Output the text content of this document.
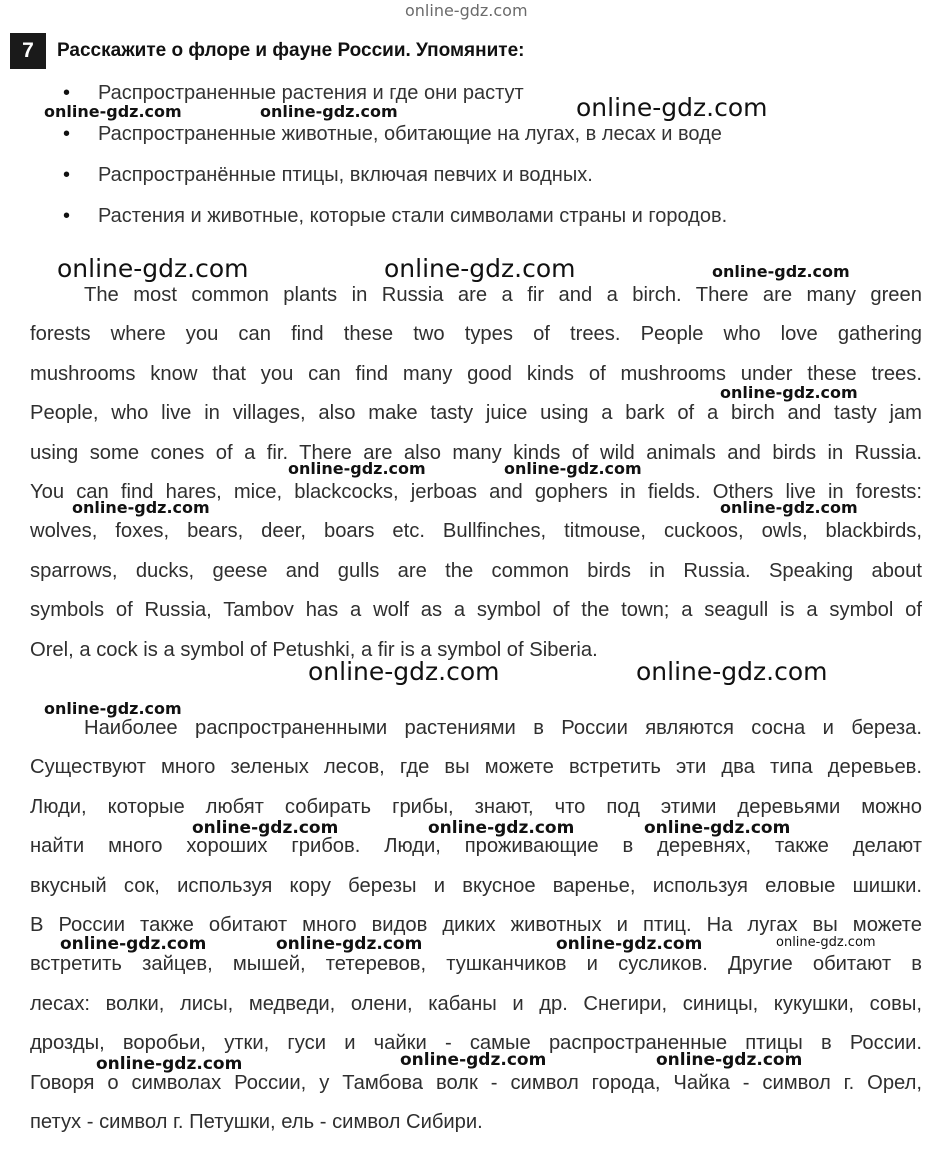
online-gdz.com
7	Расскажите о флоре и фауне России. Упомяните:
• Распространенные растения и где они растут
• Распространенные животные, обитающие на лугах, в лесах и воде
• Распространённые птицы, включая певчих и водных.
• Растения и животные, которые стали символами страны и городов.
The most common plants in Russia are a fir and a birch. There are many green
forests where you can find these two types of trees. People who love gathering
mushrooms know that you can find many good kinds of mushrooms under these trees.
People, who live in villages, also make tasty juice using a bark of a birch and tasty jam
using some cones of a fir. There are also many kinds of wild animals and birds in Russia.
You can find hares, mice, blackcocks, jerboas and gophers in fields. Others live in forests:
wolves, foxes, bears, deer, boars etc. Bullfinches, titmouse, cuckoos, owls, blackbirds,
sparrows, ducks, geese and gulls are the common birds in Russia. Speaking about
symbols of Russia, Tambov has a wolf as a symbol of the town; a seagull is a symbol of
Orel, a cock is a symbol of Petushki, a fir is a symbol of Siberia.
Наиболее распространенными растениями в России являются сосна и береза.
Существуют много зеленых лесов, где вы можете встретить эти два типа деревьев.
Люди, которые любят собирать грибы, знают, что под этими деревьями можно
найти много хороших грибов. Люди, проживающие в деревнях, также делают
вкусный сок, используя кору березы и вкусное варенье, используя еловые шишки.
В России также обитают много видов диких животных и птиц. На лугах вы можете
встретить зайцев, мышей, тетеревов, тушканчиков и сусликов. Другие обитают в
лесах: волки, лисы, медведи, олени, кабаны и др. Снегири, синицы, кукушки, совы,
дрозды, воробьи, утки, гуси и чайки - самые распространенные птицы в России.
Говоря о символах России, у Тамбова волк - символ города, Чайка - символ г. Орел,
петух - символ г. Петушки, ель - символ Сибири.
online-gdz.com	online-gdz.com	online-gdz.com
online-gdz.com	online-gdz.com	online-gdz.com
online-gdz.com
online-gdz.com	online-gdz.com
online-gdz.com	online-gdz.com
online-gdz.com	online-gdz.com
online-gdz.com
online-gdz.com	online-gdz.com	online-gdz.com
online-gdz.com	online-gdz.com	online-gdz.com	online-gdz.com
online-gdz.com	online-gdz.com	online-gdz.com
